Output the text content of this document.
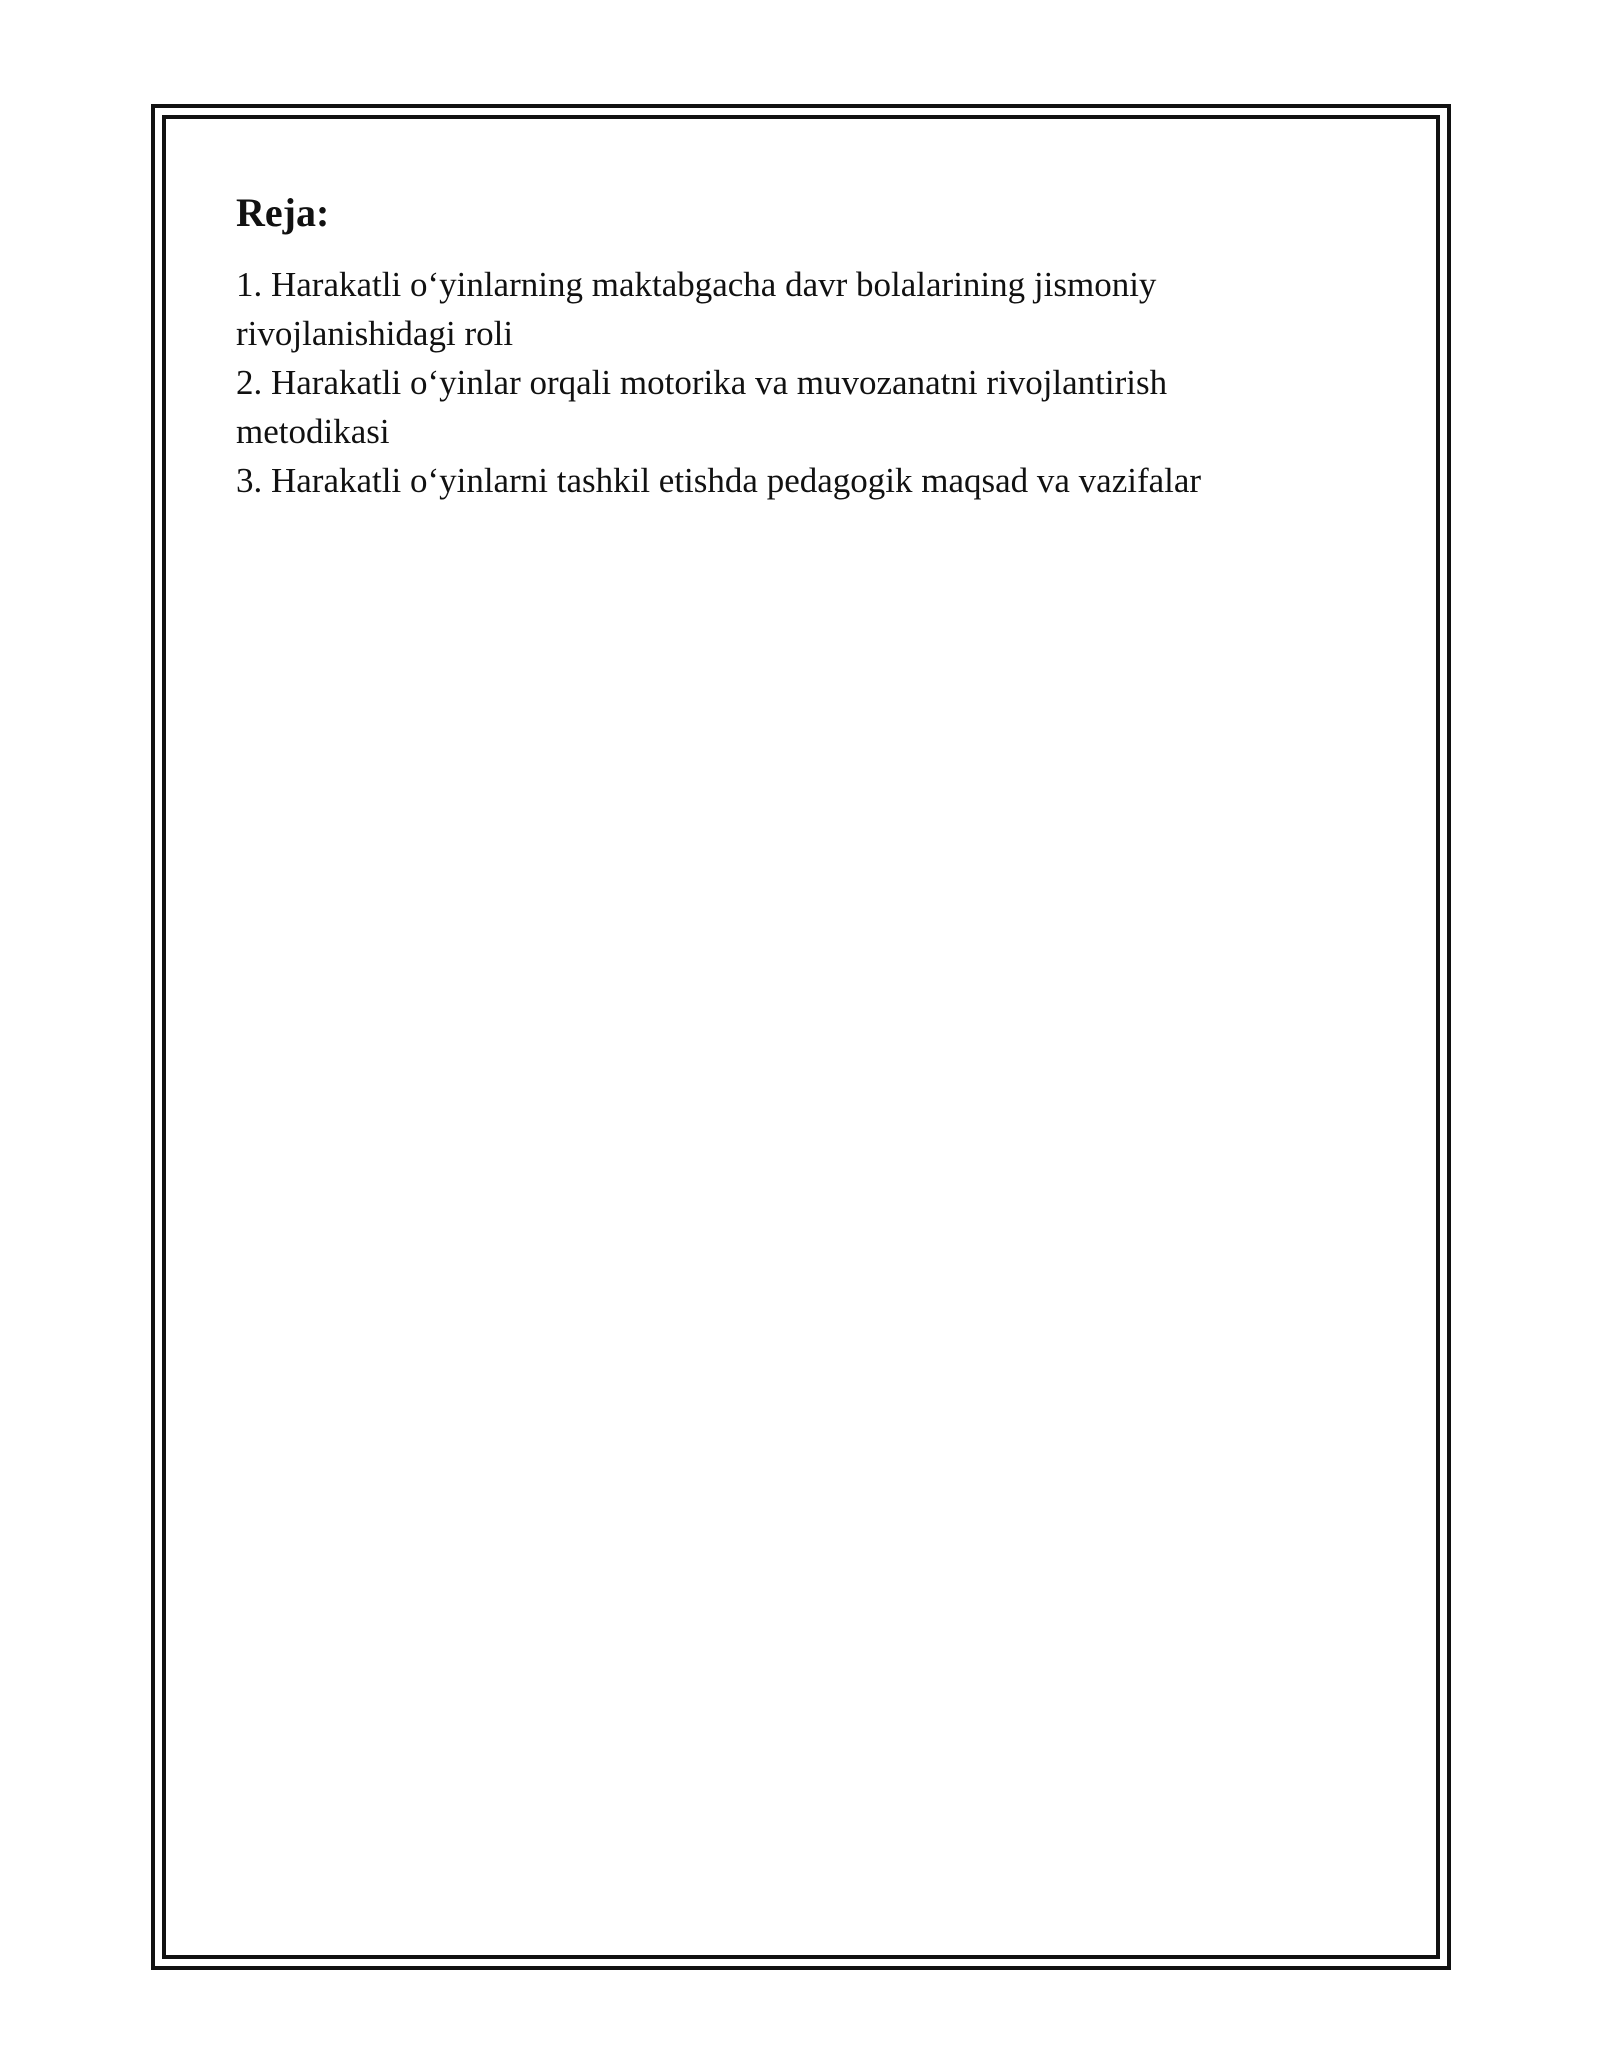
Reja:
1. Harakatli o‘yinlarning maktabgacha davr bolalarining jismoniy rivojlanishidagi roli
2. Harakatli o‘yinlar orqali motorika va muvozanatni rivojlantirish metodikasi
3. Harakatli o‘yinlarni tashkil etishda pedagogik maqsad va vazifalar
